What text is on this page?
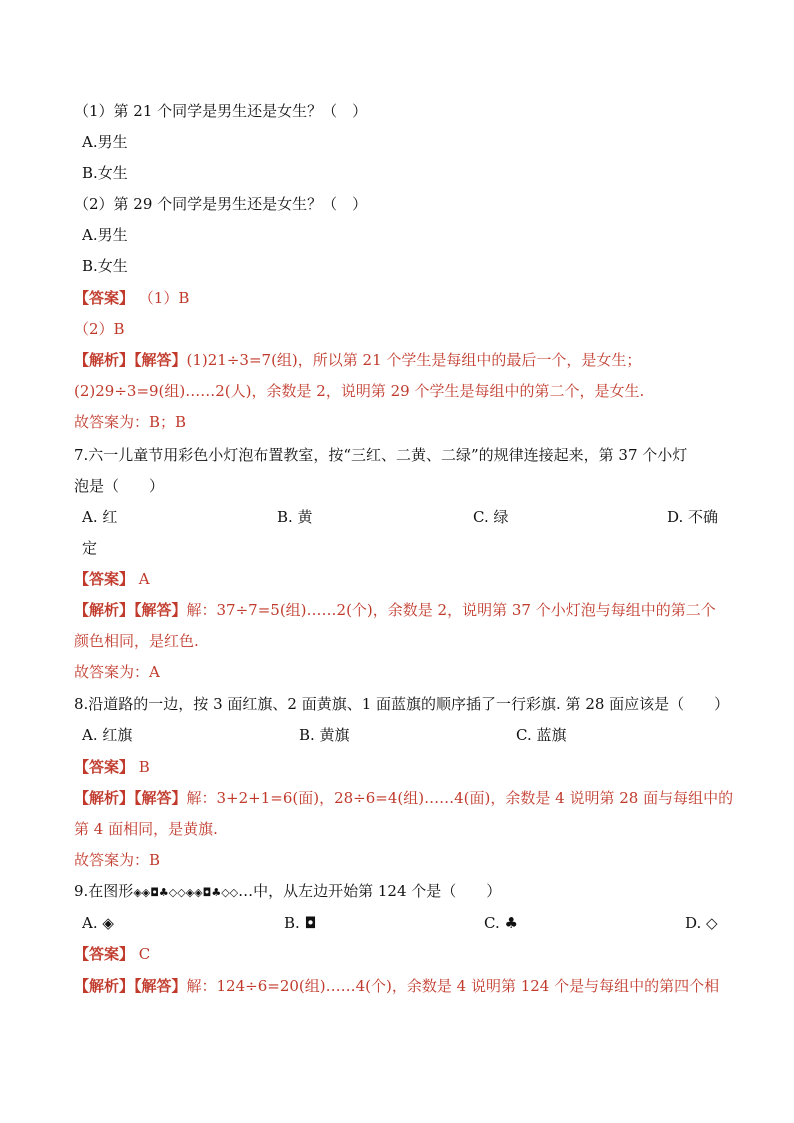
（1）第 21 个同学是男生还是女生？（　）
A.男生
B.女生
（2）第 29 个同学是男生还是女生？（　）
A.男生
B.女生
【答案】 （1）B
（2）B
【解析】【解答】(1)21÷3=7(组)，所以第 21 个学生是每组中的最后一个，是女生；
(2)29÷3=9(组)……2(人)，余数是 2，说明第 29 个学生是每组中的第二个，是女生.
故答案为：B；B
7.六一儿童节用彩色小灯泡布置教室，按“三红、二黄、二绿”的规律连接起来，第 37 个小灯
泡是（　　）
A. 红	B. 黄	C. 绿	D. 不确
定
【答案】 A
【解析】【解答】解：37÷7=5(组)……2(个)，余数是 2，说明第 37 个小灯泡与每组中的第二个
颜色相同，是红色.
故答案为：A
8.沿道路的一边，按 3 面红旗、2 面黄旗、1 面蓝旗的顺序插了一行彩旗. 第 28 面应该是（　　）
A. 红旗	B. 黄旗	C. 蓝旗
【答案】 B
【解析】【解答】解：3+2+1=6(面)，28÷6=4(组)……4(面)，余数是 4 说明第 28 面与每组中的
第 4 面相同，是黄旗.
故答案为：B
9.在图形◈◈◘♣◇◇◈◈◘♣◇◇…中，从左边开始第 124 个是（　　）
A. ◈	B. ◘	C. ♣	D. ◇
【答案】 C
【解析】【解答】解：124÷6=20(组)……4(个)，余数是 4 说明第 124 个是与每组中的第四个相
